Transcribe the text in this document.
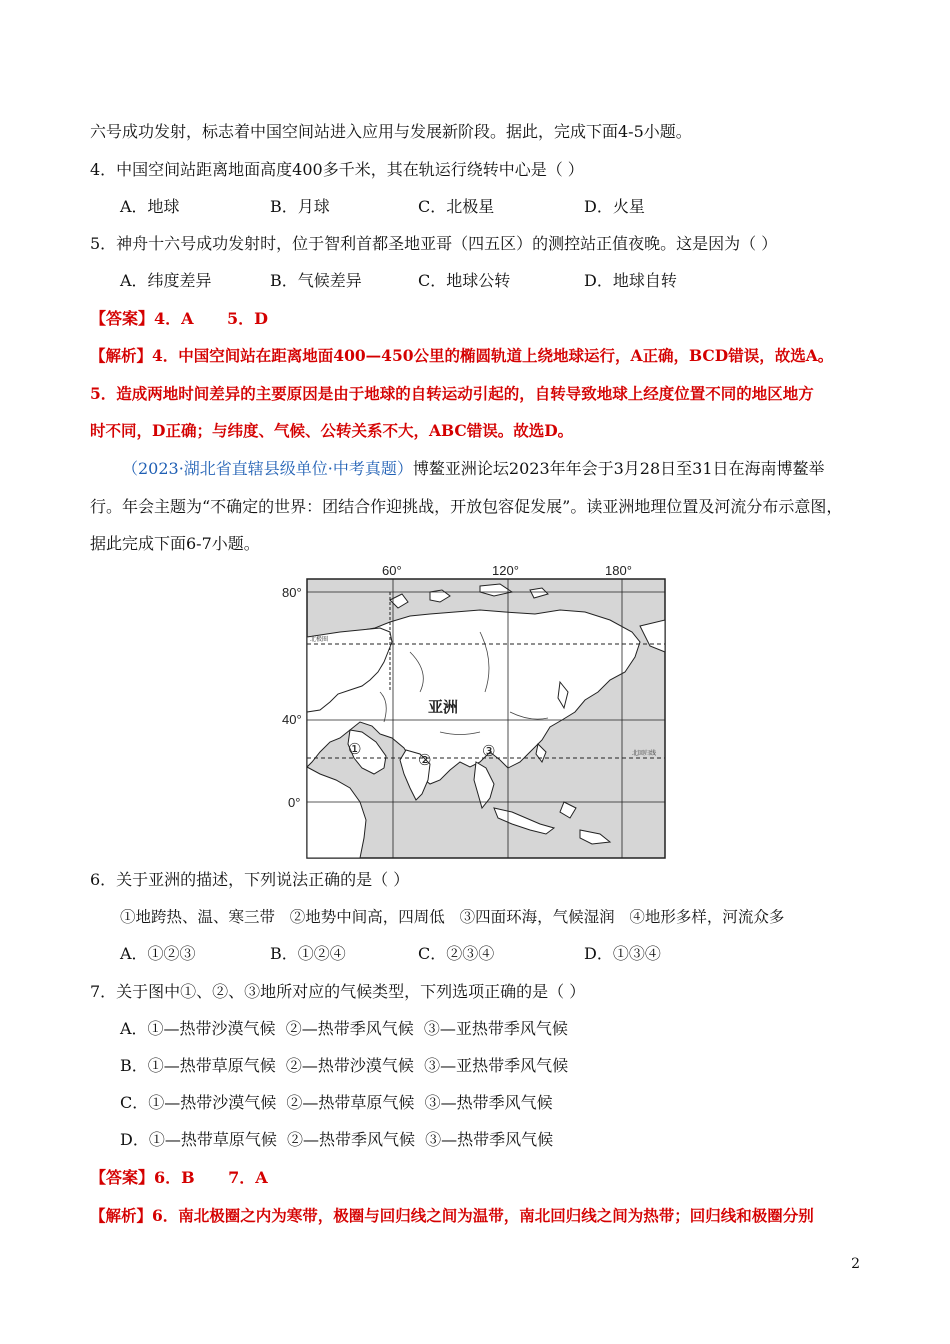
六号成功发射，标志着中国空间站进入应用与发展新阶段。据此，完成下面4-5小题。
4．中国空间站距离地面高度400多千米，其在轨运行绕转中心是（ ）
A．地球	B．月球	C．北极星	D．火星
5．神舟十六号成功发射时，位于智利首都圣地亚哥（四五区）的测控站正值夜晚。这是因为（ ）
A．纬度差异	B．气候差异	C．地球公转	D．地球自转
【答案】4．A      5．D
【解析】4．中国空间站在距离地面400—450公里的椭圆轨道上绕地球运行，A正确，BCD错误，故选A。
5．造成两地时间差异的主要原因是由于地球的自转运动引起的，自转导致地球上经度位置不同的地区地方
时不同，D正确；与纬度、气候、公转关系不大，ABC错误。故选D。
（2023·湖北省直辖县级单位·中考真题）博鳌亚洲论坛2023年年会于3月28日至31日在海南博鳌举
行。年会主题为“不确定的世界：团结合作迎挑战，开放包容促发展”。读亚洲地理位置及河流分布示意图，
据此完成下面6-7小题。
60°	120°	180°
80°
40°
0°
北极圈
北回归线
亚洲
①
②	③
6．关于亚洲的描述，下列说法正确的是（ ）
①地跨热、温、寒三带   ②地势中间高，四周低   ③四面环海，气候湿润   ④地形多样，河流众多
A．①②③	B．①②④	C．②③④	D．①③④
7．关于图中①、②、③地所对应的气候类型，下列选项正确的是（ ）
A．①—热带沙漠气候  ②—热带季风气候  ③—亚热带季风气候
B．①—热带草原气候  ②—热带沙漠气候  ③—亚热带季风气候
C．①—热带沙漠气候  ②—热带草原气候  ③—热带季风气候
D．①—热带草原气候  ②—热带季风气候  ③—热带季风气候
【答案】6．B      7．A
【解析】6．南北极圈之内为寒带，极圈与回归线之间为温带，南北回归线之间为热带；回归线和极圈分别
2
